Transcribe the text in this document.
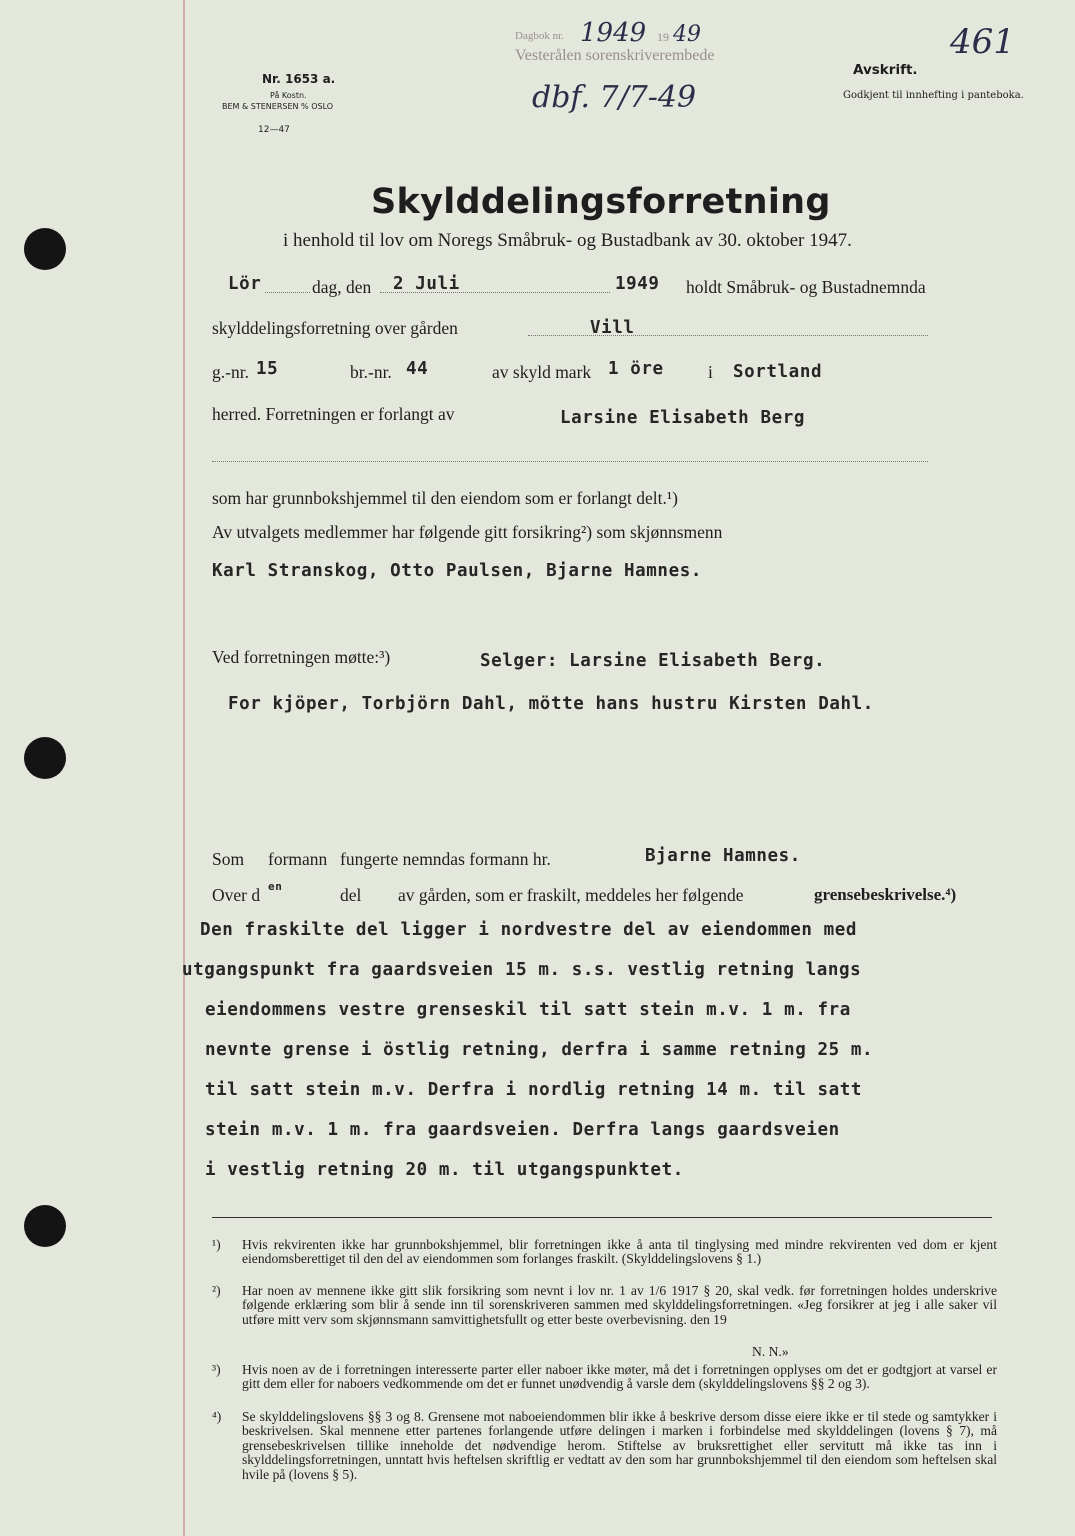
Nr. 1653 a.
På Kostn.
BEM & STENERSEN % OSLO
12—47
Dagbok nr. 1949 19 49
Vesterålen sorenskriverembede
dbf. 7/7-49
Avskrift.
Godkjent til innhefting i panteboka.
461
Skylddelingsforretning
i henhold til lov om Noregs Småbruk- og Bustadbank av 30. oktober 1947.
Lör	dag, den 2 Juli	1949 holdt Småbruk- og Bustadnemnda
skylddelingsforretning over gården	Vill
g.-nr. 15	br.-nr. 44	av skyld mark 1 öre	i Sortland
herred. Forretningen er forlangt av	Larsine Elisabeth Berg
som har grunnbokshjemmel til den eiendom som er forlangt delt.¹)
Av utvalgets medlemmer har følgende gitt forsikring²) som skjønnsmenn
Karl Stranskog, Otto Paulsen, Bjarne Hamnes.
Ved forretningen møtte:³)	Selger: Larsine Elisabeth Berg.
For kjöper, Torbjörn Dahl, mötte hans hustru Kirsten Dahl.
Som formann fungerte nemndas formann hr.	Bjarne Hamnes.
Over d en	del av gården, som er fraskilt, meddeles her følgende	grensebeskrivelse.⁴)
Den fraskilte del ligger i nordvestre del av eiendommen med
utgangspunkt fra gaardsveien 15 m. s.s. vestlig retning langs
eiendommens vestre grenseskil til satt stein m.v. 1 m. fra
nevnte grense i östlig retning, derfra i samme retning 25 m.
til satt stein m.v. Derfra i nordlig retning 14 m. til satt
stein m.v. 1 m. fra gaardsveien. Derfra langs gaardsveien
i vestlig retning 20 m. til utgangspunktet.
¹) Hvis rekvirenten ikke har grunnbokshjemmel, blir forretningen ikke å anta til tinglysing med mindre rekvirenten ved dom er kjent eiendomsberettiget til den del av eiendommen som forlanges fraskilt. (Skylddelingslovens § 1.)
²) Har noen av mennene ikke gitt slik forsikring som nevnt i lov nr. 1 av 1/6 1917 § 20, skal vedk. før forretningen holdes underskrive følgende erklæring som blir å sende inn til sorenskriveren sammen med skylddelingsforretningen. «Jeg forsikrer at jeg i alle saker vil utføre mitt verv som skjønnsmann samvittighetsfullt og etter beste overbevisning. den 19
N. N.»
³) Hvis noen av de i forretningen interesserte parter eller naboer ikke møter, må det i forretningen opplyses om det er godtgjort at varsel er gitt dem eller for naboers vedkommende om det er funnet unødvendig å varsle dem (skylddelingslovens §§ 2 og 3).
⁴) Se skylddelingslovens §§ 3 og 8. Grensene mot naboeiendommen blir ikke å beskrive dersom disse eiere ikke er til stede og samtykker i beskrivelsen. Skal mennene etter partenes forlangende utføre delingen i marken i forbindelse med skylddelingen (lovens § 7), må grensebeskrivelsen tillike inneholde det nødvendige herom. Stiftelse av bruksrettighet eller servitutt må ikke tas inn i skylddelingsforretningen, unntatt hvis heftelsen skriftlig er vedtatt av den som har grunnbokshjemmel til den eiendom som heftelsen skal hvile på (lovens § 5).
